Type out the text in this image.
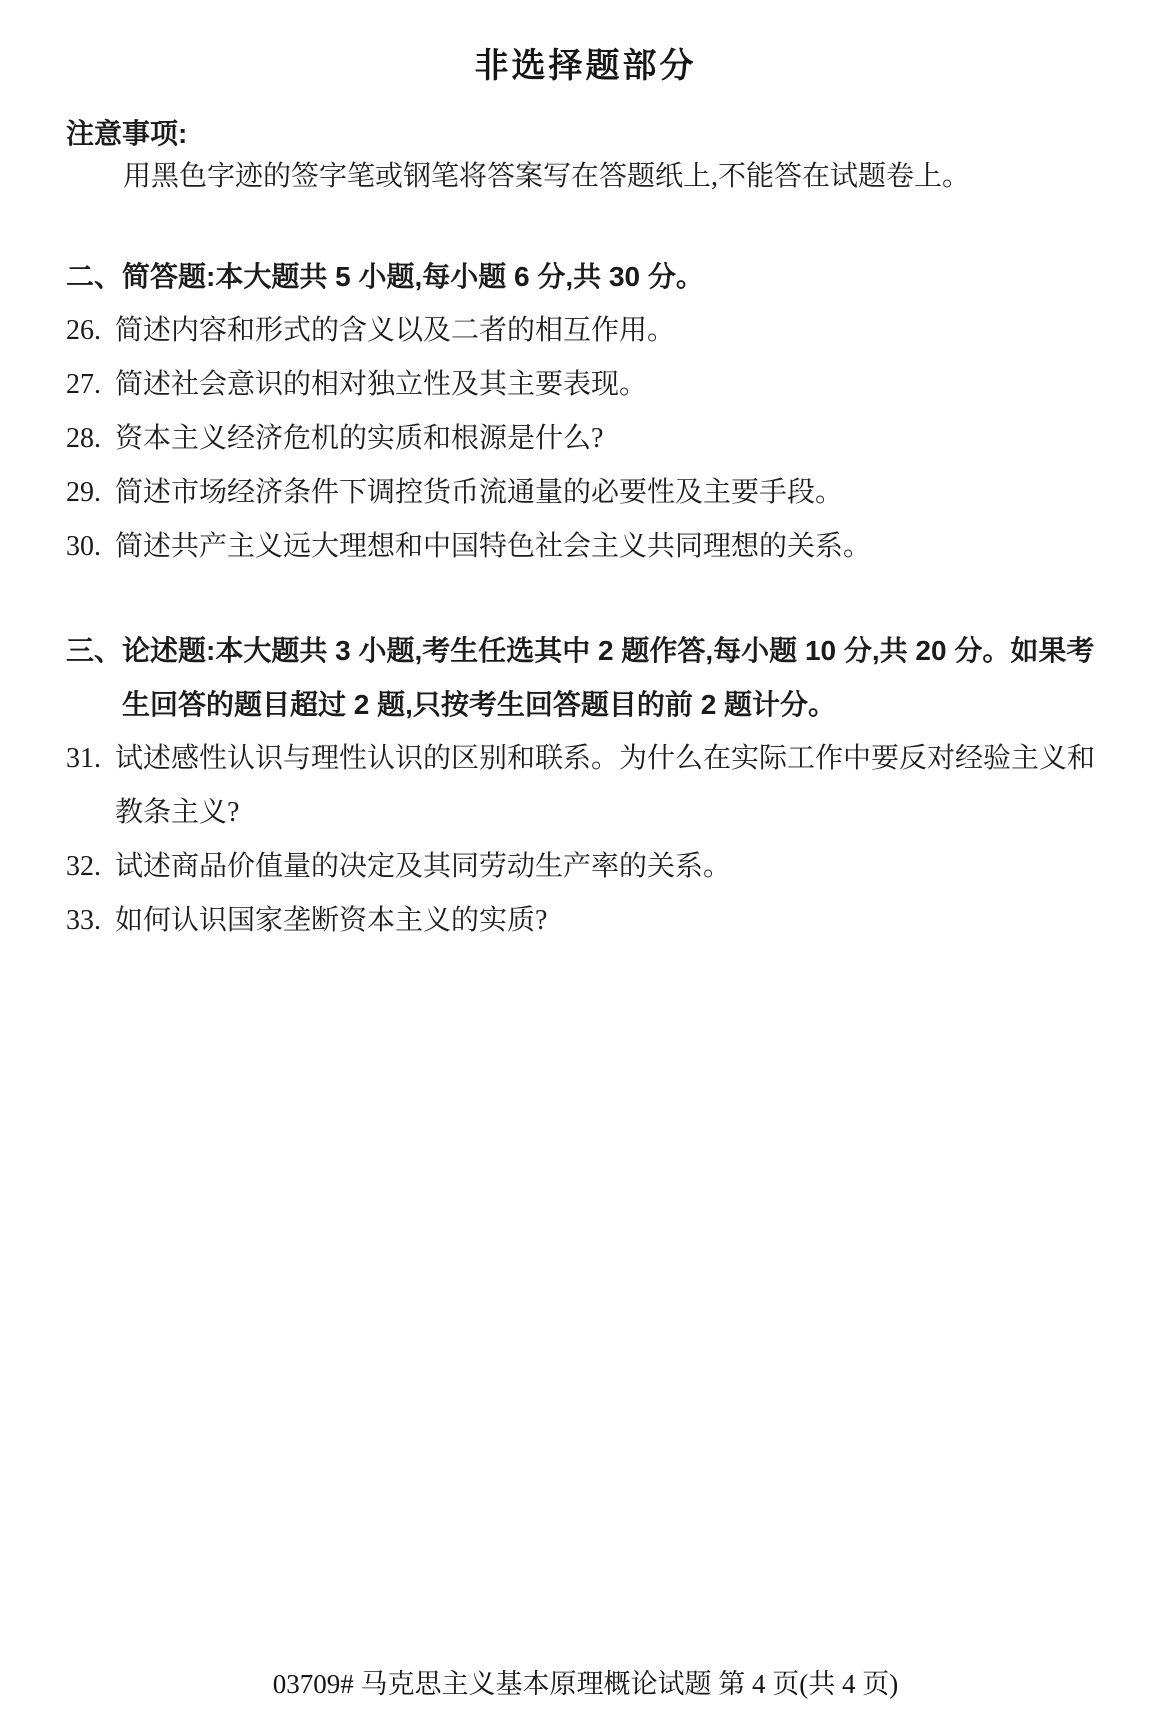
非选择题部分
注意事项:
用黑色字迹的签字笔或钢笔将答案写在答题纸上,不能答在试题卷上。
二、 简答题:本大题共 5 小题,每小题 6 分,共 30 分。
26. 简述内容和形式的含义以及二者的相互作用。
27. 简述社会意识的相对独立性及其主要表现。
28. 资本主义经济危机的实质和根源是什么?
29. 简述市场经济条件下调控货币流通量的必要性及主要手段。
30. 简述共产主义远大理想和中国特色社会主义共同理想的关系。
三、 论述题:本大题共 3 小题,考生任选其中 2 题作答,每小题 10 分,共 20 分。如果考生回答的题目超过 2 题,只按考生回答题目的前 2 题计分。
31. 试述感性认识与理性认识的区别和联系。为什么在实际工作中要反对经验主义和教条主义?
32. 试述商品价值量的决定及其同劳动生产率的关系。
33. 如何认识国家垄断资本主义的实质?
03709# 马克思主义基本原理概论试题 第 4 页(共 4 页)
